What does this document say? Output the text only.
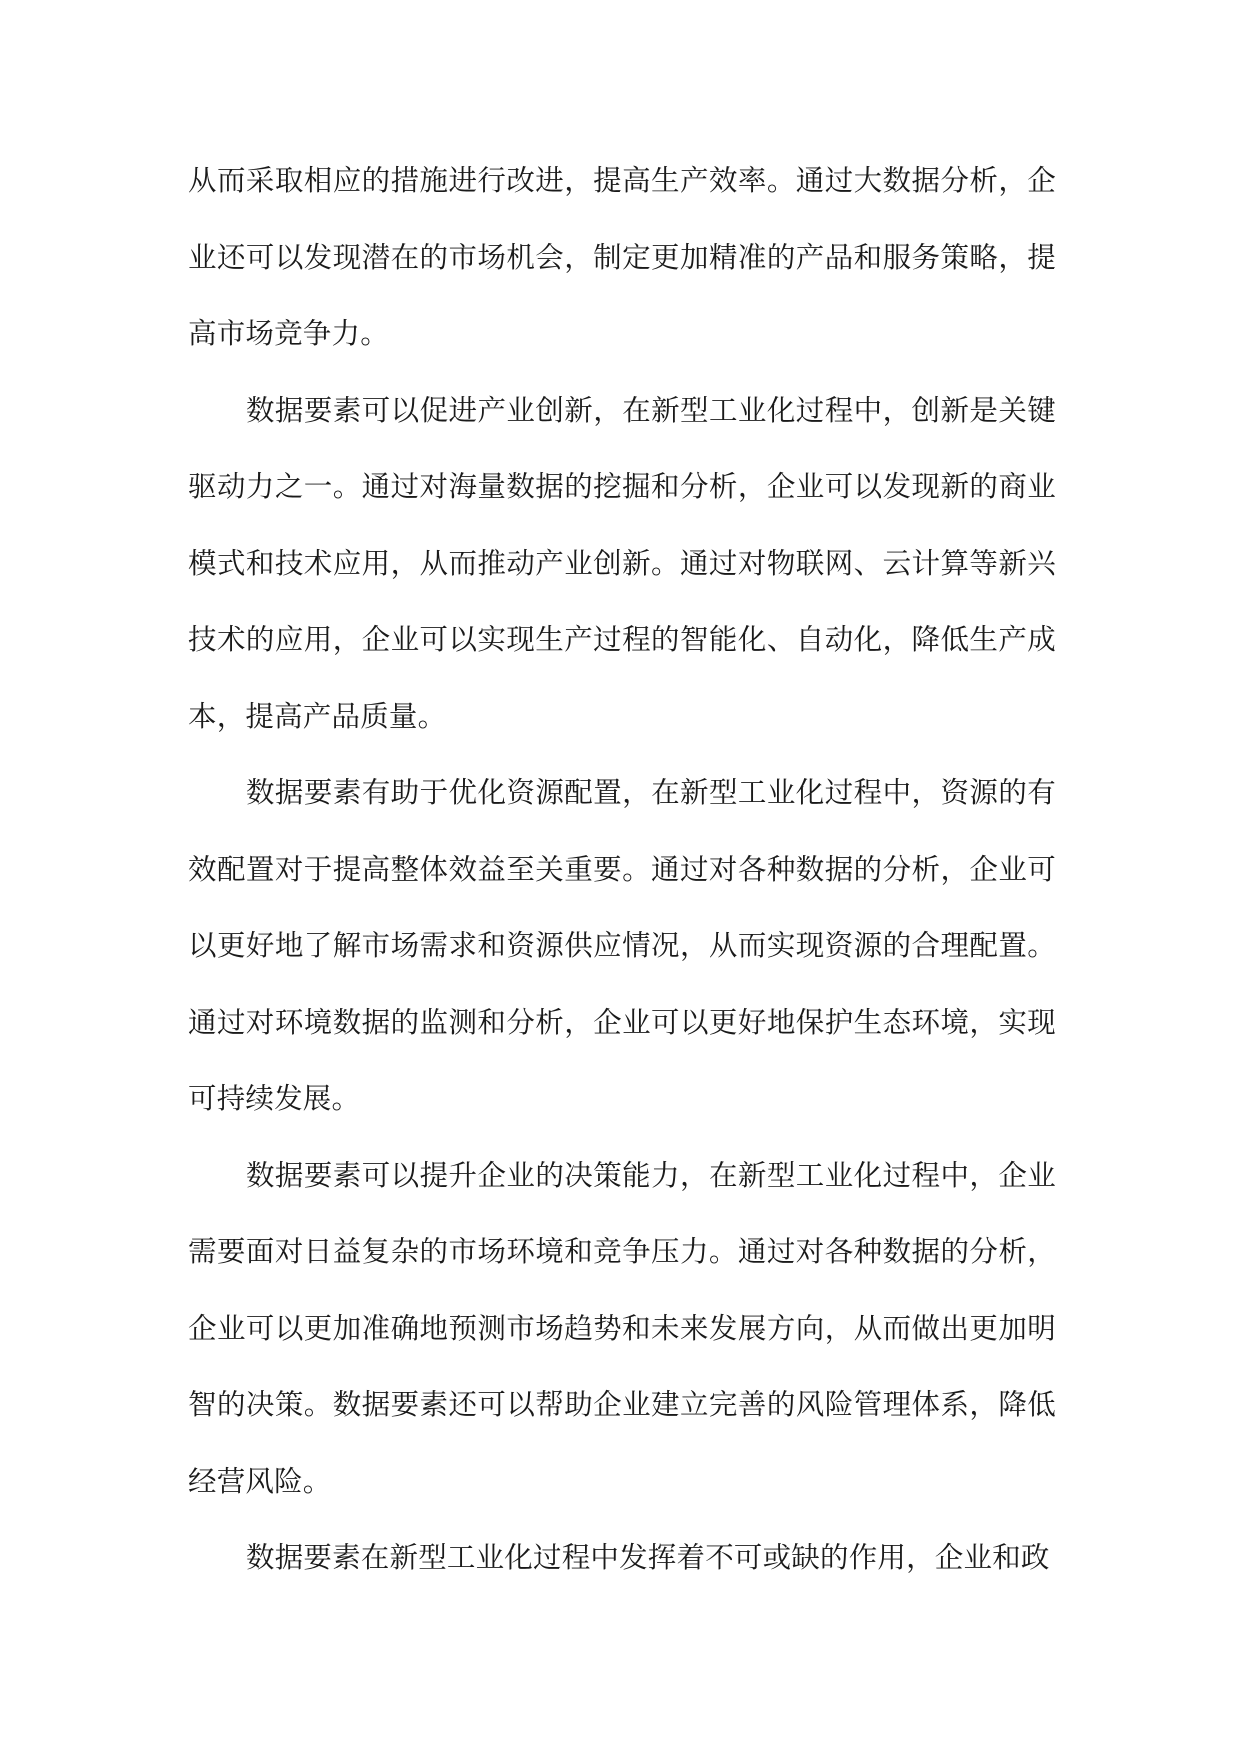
从而采取相应的措施进行改进，提高生产效率。通过大数据分析，企业还可以发现潜在的市场机会，制定更加精准的产品和服务策略，提高市场竞争力。

数据要素可以促进产业创新，在新型工业化过程中，创新是关键驱动力之一。通过对海量数据的挖掘和分析，企业可以发现新的商业模式和技术应用，从而推动产业创新。通过对物联网、云计算等新兴技术的应用，企业可以实现生产过程的智能化、自动化，降低生产成本，提高产品质量。

数据要素有助于优化资源配置，在新型工业化过程中，资源的有效配置对于提高整体效益至关重要。通过对各种数据的分析，企业可以更好地了解市场需求和资源供应情况，从而实现资源的合理配置。通过对环境数据的监测和分析，企业可以更好地保护生态环境，实现可持续发展。

数据要素可以提升企业的决策能力，在新型工业化过程中，企业需要面对日益复杂的市场环境和竞争压力。通过对各种数据的分析，企业可以更加准确地预测市场趋势和未来发展方向，从而做出更加明智的决策。数据要素还可以帮助企业建立完善的风险管理体系，降低经营风险。

数据要素在新型工业化过程中发挥着不可或缺的作用，企业和政
